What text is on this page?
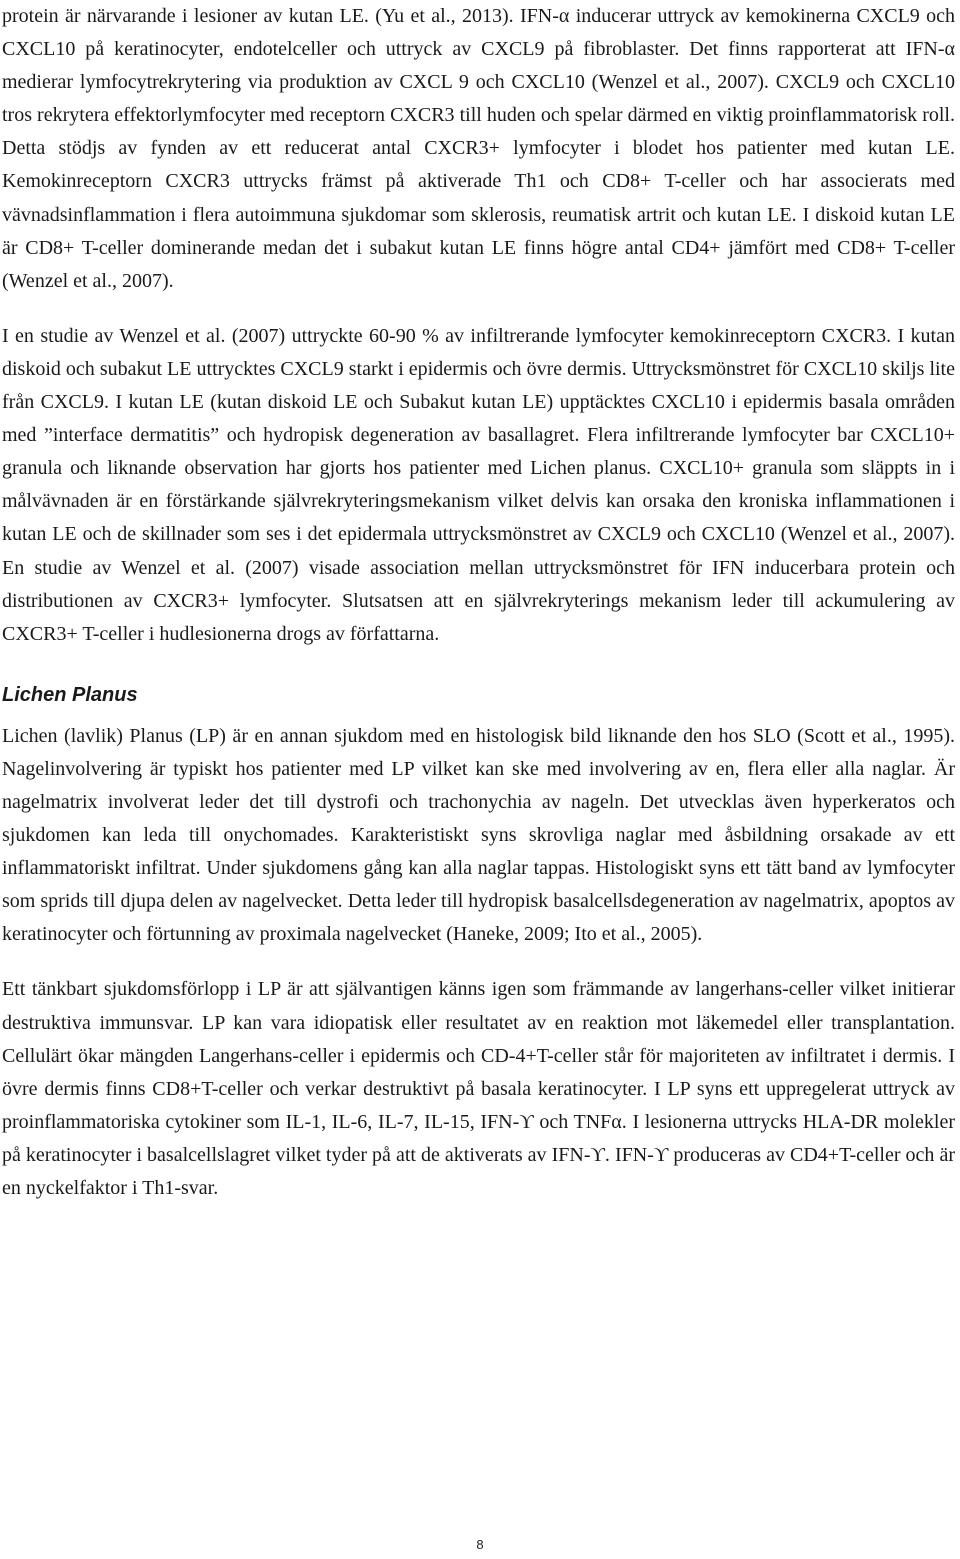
protein är närvarande i lesioner av kutan LE. (Yu et al., 2013). IFN-α inducerar uttryck av kemokinerna CXCL9 och CXCL10 på keratinocyter, endotelceller och uttryck av CXCL9 på fibroblaster. Det finns rapporterat att IFN-α medierar lymfocytrekrytering via produktion av CXCL 9 och CXCL10 (Wenzel et al., 2007). CXCL9 och CXCL10 tros rekrytera effektorlymfocyter med receptorn CXCR3 till huden och spelar därmed en viktig proinflammatorisk roll. Detta stödjs av fynden av ett reducerat antal CXCR3+ lymfocyter i blodet hos patienter med kutan LE. Kemokinreceptorn CXCR3 uttrycks främst på aktiverade Th1 och CD8+ T-celler och har associerats med vävnadsinflammation i flera autoimmuna sjukdomar som sklerosis, reumatisk artrit och kutan LE. I diskoid kutan LE är CD8+ T-celler dominerande medan det i subakut kutan LE finns högre antal CD4+ jämfört med CD8+ T-celler (Wenzel et al., 2007).

I en studie av Wenzel et al. (2007) uttryckte 60-90 % av infiltrerande lymfocyter kemokinreceptorn CXCR3. I kutan diskoid och subakut LE uttrycktes CXCL9 starkt i epidermis och övre dermis. Uttrycksmönstret för CXCL10 skiljs lite från CXCL9. I kutan LE (kutan diskoid LE och Subakut kutan LE) upptäcktes CXCL10 i epidermis basala områden med ”interface dermatitis” och hydropisk degeneration av basallagret. Flera infiltrerande lymfocyter bar CXCL10+ granula och liknande observation har gjorts hos patienter med Lichen planus. CXCL10+ granula som släppts in i målvävnaden är en förstärkande självrekryteringsmekanism vilket delvis kan orsaka den kroniska inflammationen i kutan LE och de skillnader som ses i det epidermala uttrycksmönstret av CXCL9 och CXCL10 (Wenzel et al., 2007). En studie av Wenzel et al. (2007) visade association mellan uttrycksmönstret för IFN inducerbara protein och distributionen av CXCR3+ lymfocyter. Slutsatsen att en självrekryterings mekanism leder till ackumulering av CXCR3+ T-celler i hudlesionerna drogs av författarna.

Lichen Planus

Lichen (lavlik) Planus (LP) är en annan sjukdom med en histologisk bild liknande den hos SLO (Scott et al., 1995). Nagelinvolvering är typiskt hos patienter med LP vilket kan ske med involvering av en, flera eller alla naglar. Är nagelmatrix involverat leder det till dystrofi och trachonychia av nageln. Det utvecklas även hyperkeratos och sjukdomen kan leda till onychomades. Karakteristiskt syns skrovliga naglar med åsbildning orsakade av ett inflammatoriskt infiltrat. Under sjukdomens gång kan alla naglar tappas. Histologiskt syns ett tätt band av lymfocyter som sprids till djupa delen av nagelvecket. Detta leder till hydropisk basalcellsdegeneration av nagelmatrix, apoptos av keratinocyter och förtunning av proximala nagelvecket (Haneke, 2009; Ito et al., 2005).

Ett tänkbart sjukdomsförlopp i LP är att självantigen känns igen som främmande av langerhans-celler vilket initierar destruktiva immunsvar. LP kan vara idiopatisk eller resultatet av en reaktion mot läkemedel eller transplantation. Cellulärt ökar mängden Langerhans-celler i epidermis och CD-4+T-celler står för majoriteten av infiltratet i dermis. I övre dermis finns CD8+T-celler och verkar destruktivt på basala keratinocyter. I LP syns ett uppregelerat uttryck av proinflammatoriska cytokiner som IL-1, IL-6, IL-7, IL-15, IFN-ϒ och TNFα. I lesionerna uttrycks HLA-DR molekler på keratinocyter i basalcellslagret vilket tyder på att de aktiverats av IFN-ϒ. IFN-ϒ produceras av CD4+T-celler och är en nyckelfaktor i Th1-svar.

8
